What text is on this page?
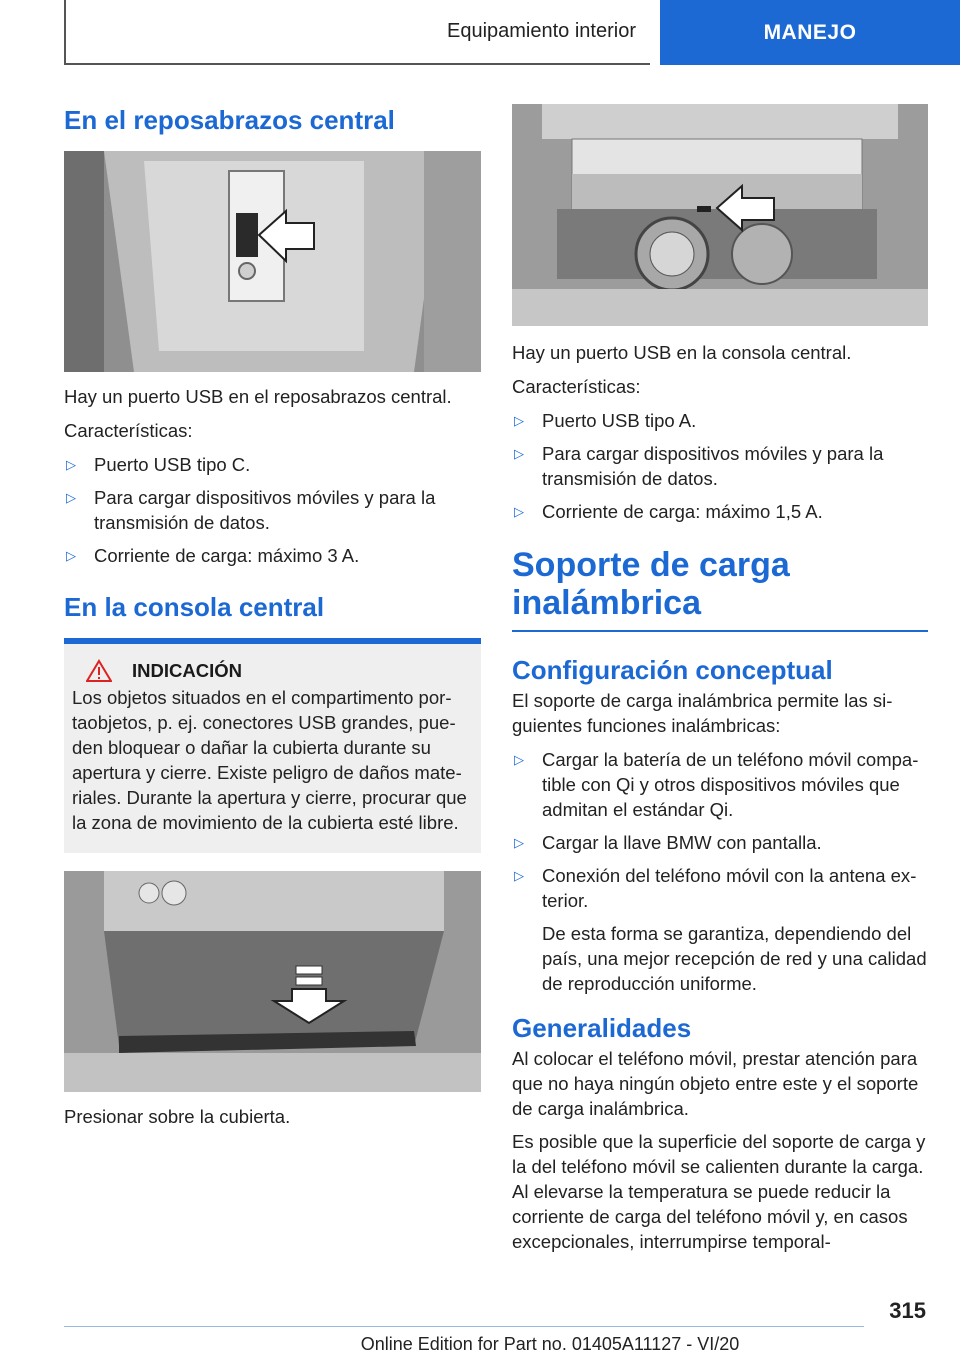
Equipamiento interior	MANEJO
En el reposabrazos central

Hay un puerto USB en el reposabrazos central.

Características:

▷ Puerto USB tipo C.
▷ Para cargar dispositivos móviles y para la transmisión de datos.
▷ Corriente de carga: máximo 3 A.
En la consola central
INDICACIÓN

Los objetos situados en el compartimento portaobjetos, p. ej. conectores USB grandes, pueden bloquear o dañar la cubierta durante su apertura y cierre. Existe peligro de daños materiales. Durante la apertura y cierre, procurar que la zona de movimiento de la cubierta esté libre.

Presionar sobre la cubierta.

Hay un puerto USB en la consola central.

Características:

▷ Puerto USB tipo A.
▷ Para cargar dispositivos móviles y para la transmisión de datos.
▷ Corriente de carga: máximo 1,5 A.
Soporte de carga inalámbrica
Configuración conceptual

El soporte de carga inalámbrica permite las siguientes funciones inalámbricas:

▷ Cargar la batería de un teléfono móvil compatible con Qi y otros dispositivos móviles que admitan el estándar Qi.
▷ Cargar la llave BMW con pantalla.
▷ Conexión del teléfono móvil con la antena exterior.
De esta forma se garantiza, dependiendo del país, una mejor recepción de red y una calidad de reproducción uniforme.
Generalidades

Al colocar el teléfono móvil, prestar atención para que no haya ningún objeto entre este y el soporte de carga inalámbrica.

Es posible que la superficie del soporte de carga y la del teléfono móvil se calienten durante la carga. Al elevarse la temperatura se puede reducir la corriente de carga del teléfono móvil y, en casos excepcionales, interrumpirse temporal-

315
Online Edition for Part no. 01405A11127 - VI/20
